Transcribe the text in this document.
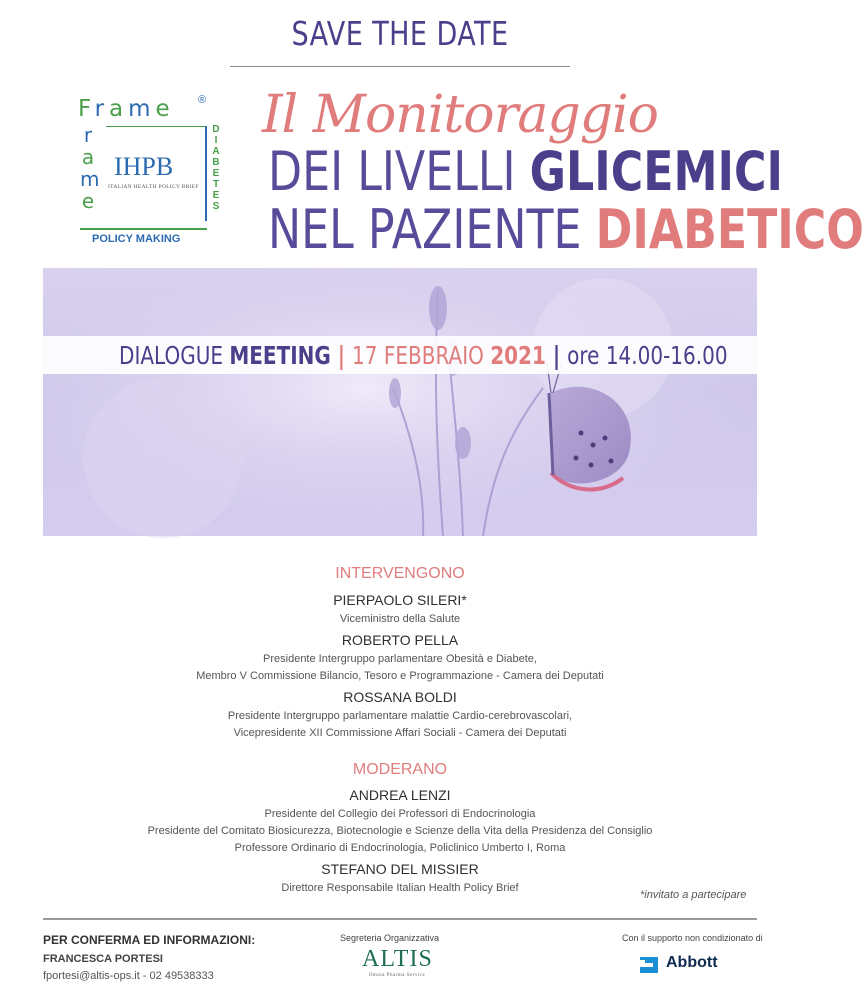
SAVE THE DATE
Frame ®
r
a
m
e
D
I
A
B
E
T
E
S
IHPB
ITALIAN HEALTH POLICY BRIEF
POLICY MAKING
Il Monitoraggio
DEI LIVELLI GLICEMICI
NEL PAZIENTE DIABETICO
DIALOGUE MEETING | 17 FEBBRAIO 2021 | ore 14.00-16.00
INTERVENGONO
PIERPAOLO SILERI*
Viceministro della Salute
ROBERTO PELLA
Presidente Intergruppo parlamentare Obesità e Diabete,
Membro V Commissione Bilancio, Tesoro e Programmazione - Camera dei Deputati
ROSSANA BOLDI
Presidente Intergruppo parlamentare malattie Cardio-cerebrovascolari,
Vicepresidente XII Commissione Affari Sociali - Camera dei Deputati
MODERANO
ANDREA LENZI
Presidente del Collegio dei Professori di Endocrinologia
Presidente del Comitato Biosicurezza, Biotecnologie e Scienze della Vita della Presidenza del Consiglio
Professore Ordinario di Endocrinologia, Policlinico Umberto I, Roma
STEFANO DEL MISSIER
Direttore Responsabile Italian Health Policy Brief
*invitato a partecipare
PER CONFERMA ED INFORMAZIONI:
FRANCESCA PORTESI
fportesi@altis-ops.it - 02 49538333
Segreteria Organizzativa
ALTIS
Omnia Pharma Service
Con il supporto non condizionato di
Abbott
